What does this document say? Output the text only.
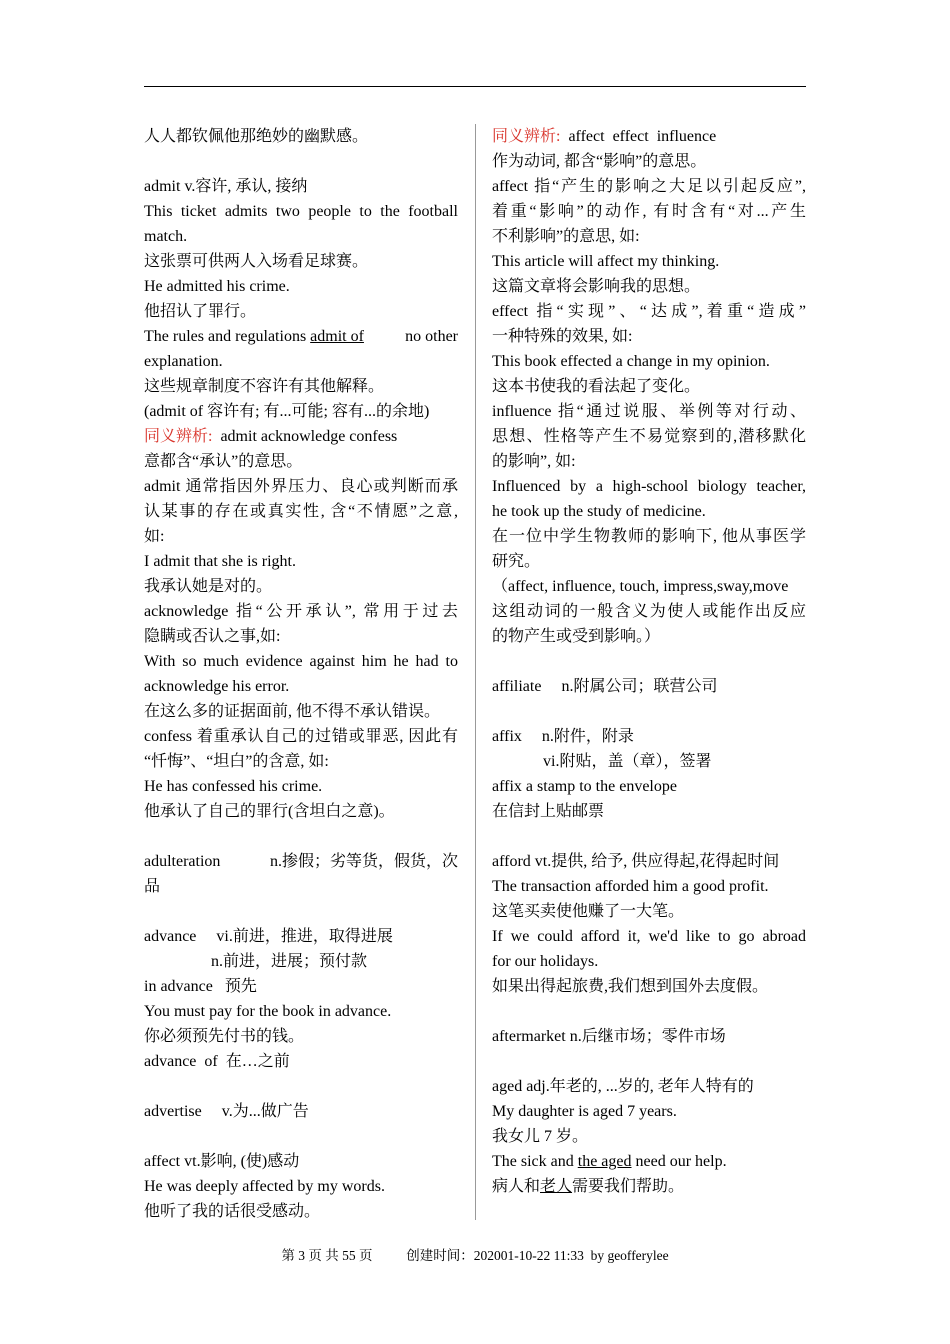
人人都钦佩他那绝妙的幽默感。
admit v.容许, 承认, 接纳
This ticket admits two people to the football
match.
这张票可供两人入场看足球赛。
He admitted his crime.
他招认了罪行。
The rules and regulations admit of	no other
explanation.
这些规章制度不容许有其他解释。
(admit of 容许有; 有...可能; 容有...的余地)
同义辨析: admit acknowledge confess
意都含“承认”的意思。
admit 通常指因外界压力、良心或判断而承
认某事的存在或真实性, 含“不情愿”之意,
如:
I admit that she is right.
我承认她是对的。
acknowledge 指“公开承认”, 常用于过去
隐瞒或否认之事,如:
With so much evidence against him he had to
acknowledge his error.
在这么多的证据面前, 他不得不承认错误。
confess 着重承认自己的过错或罪恶, 因此有
“忏悔”、“坦白”的含意, 如:
He has confessed his crime.
他承认了自己的罪行(含坦白之意)。
adulteration	n.掺假；劣等货，假货，次
品
advance vi.前进，推进，取得进展
n.前进，进展；预付款
in advance 预先
You must pay for the book in advance.
你必须预先付书的钱。
advance of 在…之前
advertise v.为...做广告
affect vt.影响, (使)感动
He was deeply affected by my words.
他听了我的话很受感动。
同义辨析: affect effect influence
作为动词, 都含“影响”的意思。
affect 指“产生的影响之大足以引起反应”,
着重“影响”的动作, 有时含有“对...产生
不利影响”的意思, 如:
This article will affect my thinking.
这篇文章将会影响我的思想。
effect 指“实现”、“达成”,着重“造成”
一种特殊的效果, 如:
This book effected a change in my opinion.
这本书使我的看法起了变化。
influence 指“通过说服、举例等对行动、
思想、性格等产生不易觉察到的,潜移默化
的影响”, 如:
Influenced by a high-school biology teacher,
he took up the study of medicine.
在一位中学生物教师的影响下, 他从事医学
研究。
（affect, influence, touch, impress,sway,move
这组动词的一般含义为使人或能作出反应
的物产生或受到影响。）
affiliate n.附属公司；联营公司
affix n.附件，附录
vi.附贴，盖（章），签署
affix a stamp to the envelope
在信封上贴邮票
afford vt.提供, 给予, 供应得起,花得起时间
The transaction afforded him a good profit.
这笔买卖使他赚了一大笔。
If we could afford it, we'd like to go abroad
for our holidays.
如果出得起旅费,我们想到国外去度假。
aftermarket n.后继市场；零件市场
aged adj.年老的, ...岁的, 老年人特有的
My daughter is aged 7 years.
我女儿 7 岁。
The sick and the aged need our help.
病人和老人需要我们帮助。
第 3 页 共 55 页	创建时间：202001-10-22 11:33  by geofferylee
